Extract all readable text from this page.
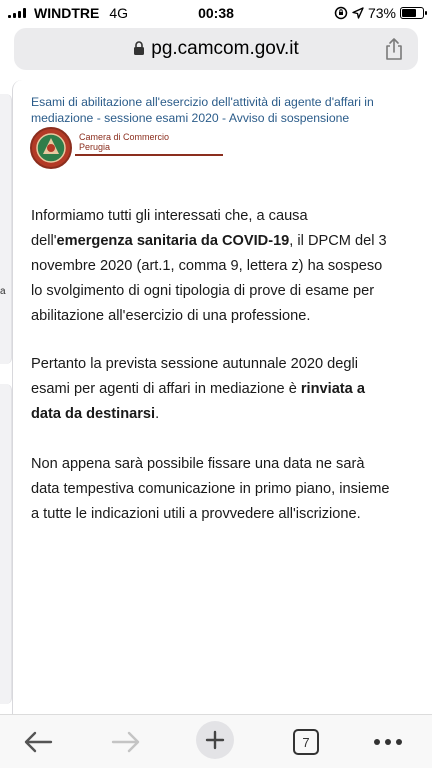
WINDTRE 4G	00:38	73%
pg.camcom.gov.it
a
Esami di abilitazione all'esercizio dell'attività di agente d'affari in mediazione - sessione esami 2020 - Avviso di sospensione
Camera di Commercio
Perugia
Informiamo tutti gli interessati che, a causa dell'emergenza sanitaria da COVID-19, il DPCM del 3 novembre 2020 (art.1, comma 9, lettera z) ha sospeso lo svolgimento di ogni tipologia di prove di esame per abilitazione all'esercizio di una professione.
Pertanto la prevista sessione autunnale 2020 degli esami per agenti di affari in mediazione è rinviata a data da destinarsi.
Non appena sarà possibile fissare una data ne sarà data tempestiva comunicazione in primo piano, insieme a tutte le indicazioni utili a provvedere all'iscrizione.
7
